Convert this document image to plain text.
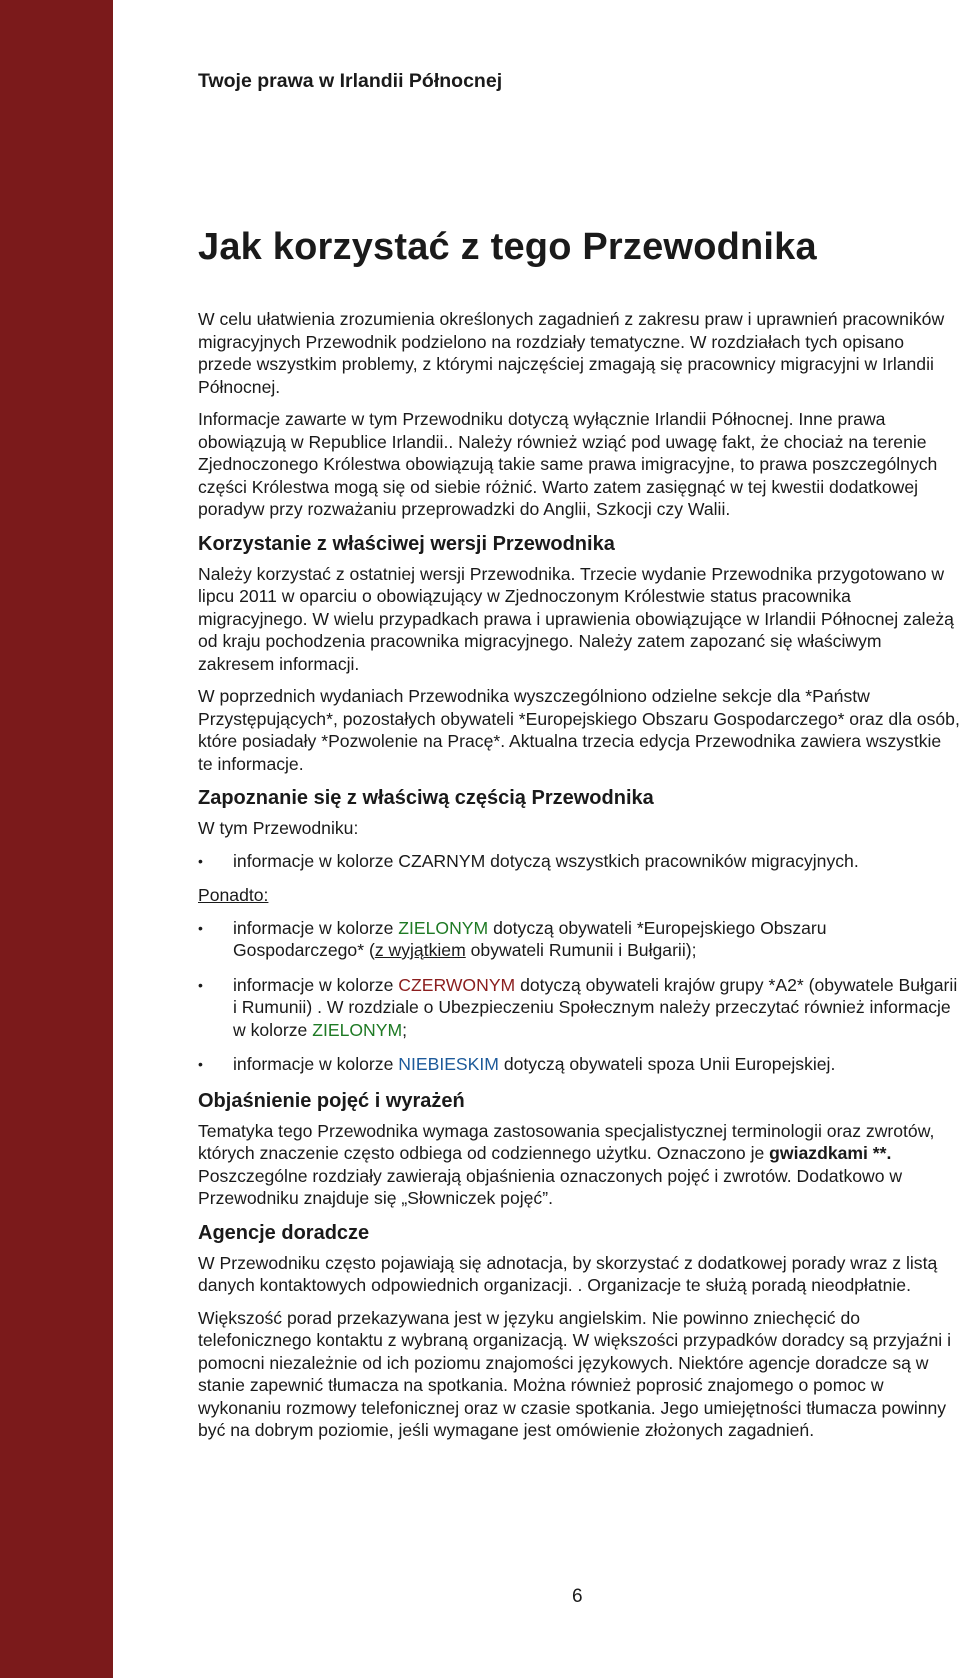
Twoje prawa w Irlandii Północnej
Jak korzystać z tego Przewodnika

W celu ułatwienia zrozumienia określonych zagadnień z zakresu praw i uprawnień pracowników migracyjnych Przewodnik podzielono na rozdziały tematyczne. W rozdziałach tych opisano przede wszystkim problemy, z którymi najczęściej zmagają się pracownicy migracyjni w Irlandii Północnej.

Informacje zawarte w tym Przewodniku dotyczą wyłącznie Irlandii Północnej. Inne prawa obowiązują w Republice Irlandii.. Należy również wziąć pod uwagę fakt, że chociaż na terenie Zjednoczonego Królestwa obowiązują takie same prawa imigracyjne, to prawa poszczególnych części Królestwa mogą się od siebie różnić. Warto zatem zasięgnąć w tej kwestii dodatkowej poradyw przy rozważaniu przeprowadzki do Anglii, Szkocji czy Walii.

Korzystanie z właściwej wersji Przewodnika

Należy korzystać z ostatniej wersji Przewodnika. Trzecie wydanie Przewodnika przygotowano w lipcu 2011 w oparciu o obowiązujący w Zjednoczonym Królestwie status pracownika migracyjnego. W wielu przypadkach prawa i uprawienia obowiązujące w Irlandii Północnej zależą od kraju pochodzenia pracownika migracyjnego. Należy zatem zapozanć się właściwym zakresem informacji.

W poprzednich wydaniach Przewodnika wyszczególniono odzielne sekcje dla *Państw Przystępujących*, pozostałych obywateli *Europejskiego Obszaru Gospodarczego* oraz dla osób, które posiadały *Pozwolenie na Pracę*. Aktualna trzecia edycja Przewodnika zawiera wszystkie te informacje.

Zapoznanie się z właściwą częścią Przewodnika

W tym Przewodniku:

• informacje w kolorze CZARNYM dotyczą wszystkich pracowników migracyjnych.

Ponadto:

• informacje w kolorze ZIELONYM dotyczą obywateli *Europejskiego Obszaru Gospodarczego* (z wyjątkiem obywateli Rumunii i Bułgarii);
• informacje w kolorze CZERWONYM dotyczą obywateli krajów grupy *A2* (obywatele Bułgarii i Rumunii) . W rozdziale o Ubezpieczeniu Społecznym należy przeczytać również informacje w kolorze ZIELONYM;
• informacje w kolorze NIEBIESKIM dotyczą obywateli spoza Unii Europejskiej.
Objaśnienie pojęć i wyrażeń

Tematyka tego Przewodnika wymaga zastosowania specjalistycznej terminologii oraz zwrotów, których znaczenie często odbiega od codziennego użytku. Oznaczono je gwiazdkami **. Poszczególne rozdziały zawierają objaśnienia oznaczonych pojęć i zwrotów. Dodatkowo w Przewodniku znajduje się „Słowniczek pojęć”.

Agencje doradcze

W Przewodniku często pojawiają się adnotacja, by skorzystać z dodatkowej porady wraz z listą danych kontaktowych odpowiednich organizacji. . Organizacje te służą poradą nieodpłatnie.

Większość porad przekazywana jest w języku angielskim. Nie powinno zniechęcić do telefonicznego kontaktu z wybraną organizacją. W większości przypadków doradcy są przyjaźni i pomocni niezależnie od ich poziomu znajomości językowych. Niektóre agencje doradcze są w stanie zapewnić tłumacza na spotkania. Można również poprosić znajomego o pomoc w wykonaniu rozmowy telefonicznej oraz w czasie spotkania. Jego umiejętności tłumacza powinny być na dobrym poziomie, jeśli wymagane jest omówienie złożonych zagadnień.

6
